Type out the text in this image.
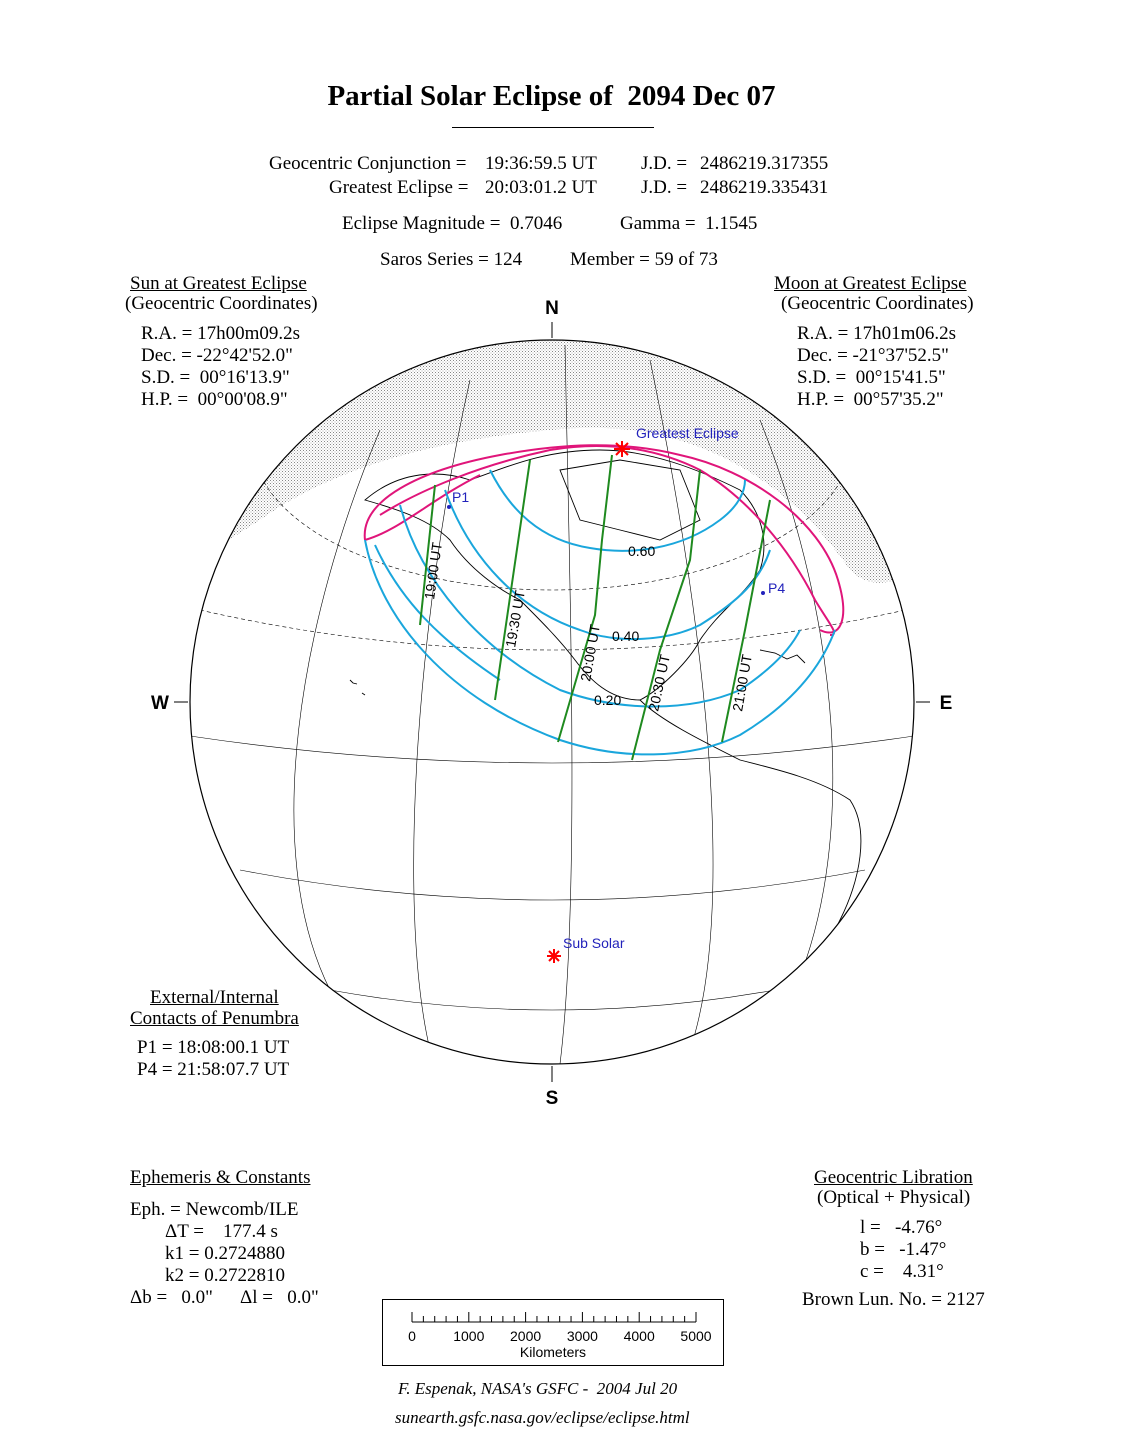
Partial Solar Eclipse of  2094 Dec 07
Geocentric Conjunction = 19:36:59.5 UT J.D. = 2486219.317355
Greatest Eclipse = 20:03:01.2 UT J.D. = 2486219.335431
Eclipse Magnitude =  0.7046	Gamma =  1.1545
Saros Series = 124	Member = 59 of 73
Sun at Greatest Eclipse
(Geocentric Coordinates)
R.A. = 17h00m09.2s
Dec. = -22°42'52.0"
S.D. =  00°16'13.9"
H.P. =  00°00'08.9"
Moon at Greatest Eclipse
(Geocentric Coordinates)
R.A. = 17h01m06.2s
Dec. = -21°37'52.5"
S.D. =  00°15'41.5"
H.P. =  00°57'35.2"
N
S
W	E
Greatest Eclipse
Sub Solar
P1
P4
0.60
0.40
0.20
19:00 UT
19:30 UT
20:00 UT
20:30 UT	21:00 UT
External/Internal
Contacts of Penumbra
P1 = 18:08:00.1 UT
P4 = 21:58:07.7 UT
Ephemeris & Constants
Eph. = Newcomb/ILE
ΔT =    177.4 s
k1 = 0.2724880
k2 = 0.2722810
Δb =   0.0" Δl =   0.0"
Geocentric Libration
(Optical + Physical)
l =   -4.76°
b =   -1.47°
c =    4.31°
Brown Lun. No. = 2127
0	1000 2000 3000 4000 5000
Kilometers
F. Espenak, NASA's GSFC -  2004 Jul 20
sunearth.gsfc.nasa.gov/eclipse/eclipse.html
